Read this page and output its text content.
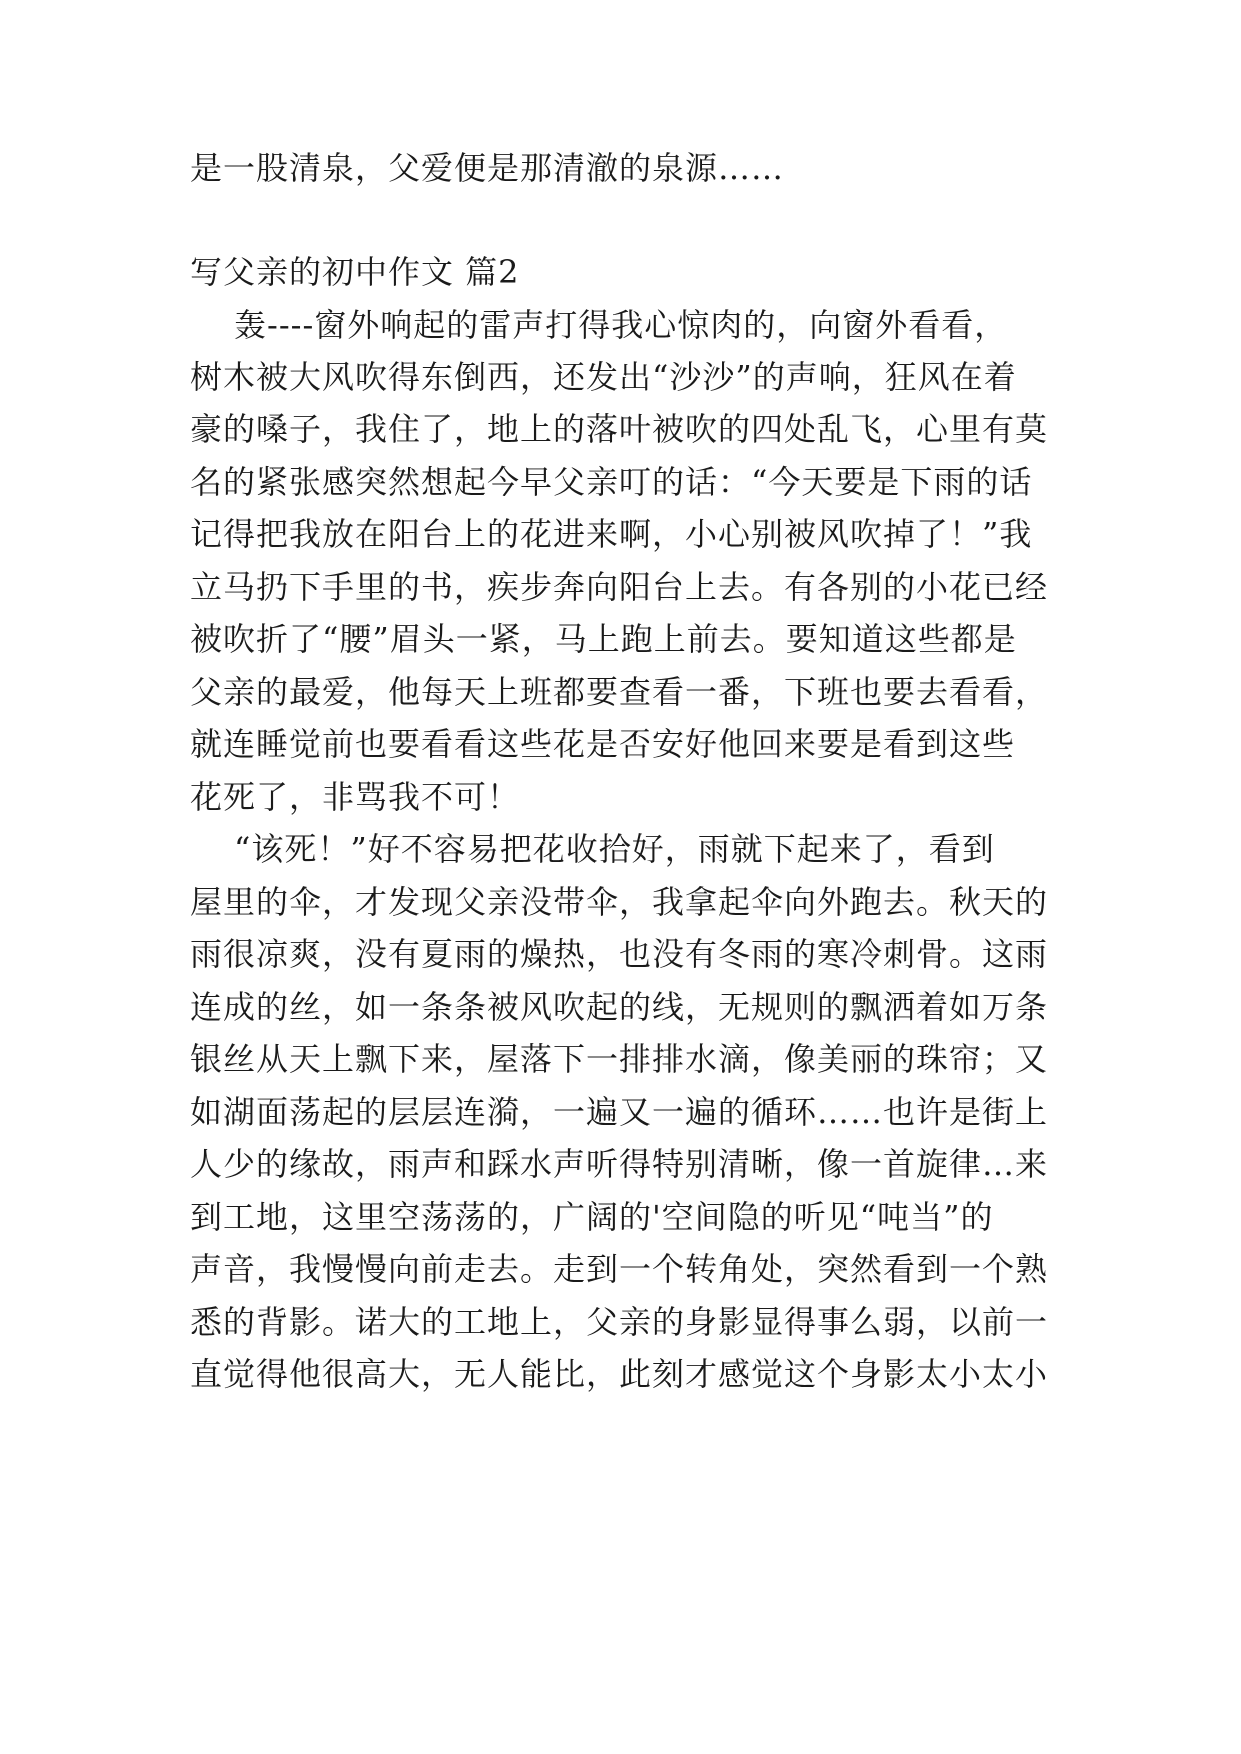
是一股清泉，父爱便是那清澈的泉源……
写父亲的初中作文 篇2
轰----窗外响起的雷声打得我心惊肉的，向窗外看看，
树木被大风吹得东倒西，还发出“沙沙”的声响，狂风在着
豪的嗓子，我住了，地上的落叶被吹的四处乱飞，心里有莫
名的紧张感突然想起今早父亲叮的话：“今天要是下雨的话
记得把我放在阳台上的花进来啊，小心别被风吹掉了！”我
立马扔下手里的书，疾步奔向阳台上去。有各别的小花已经
被吹折了“腰”眉头一紧，马上跑上前去。要知道这些都是
父亲的最爱，他每天上班都要查看一番，下班也要去看看，
就连睡觉前也要看看这些花是否安好他回来要是看到这些
花死了，非骂我不可！
“该死！”好不容易把花收拾好，雨就下起来了，看到
屋里的伞，才发现父亲没带伞，我拿起伞向外跑去。秋天的
雨很凉爽，没有夏雨的燥热，也没有冬雨的寒冷刺骨。这雨
连成的丝，如一条条被风吹起的线，无规则的飘洒着如万条
银丝从天上飘下来，屋落下一排排水滴，像美丽的珠帘；又
如湖面荡起的层层连漪，一遍又一遍的循环……也许是街上
人少的缘故，雨声和踩水声听得特别清晰，像一首旋律…来
到工地，这里空荡荡的，广阔的'空间隐的听见“吨当”的
声音，我慢慢向前走去。走到一个转角处，突然看到一个熟
悉的背影。诺大的工地上，父亲的身影显得事么弱，以前一
直觉得他很高大，无人能比，此刻才感觉这个身影太小太小
